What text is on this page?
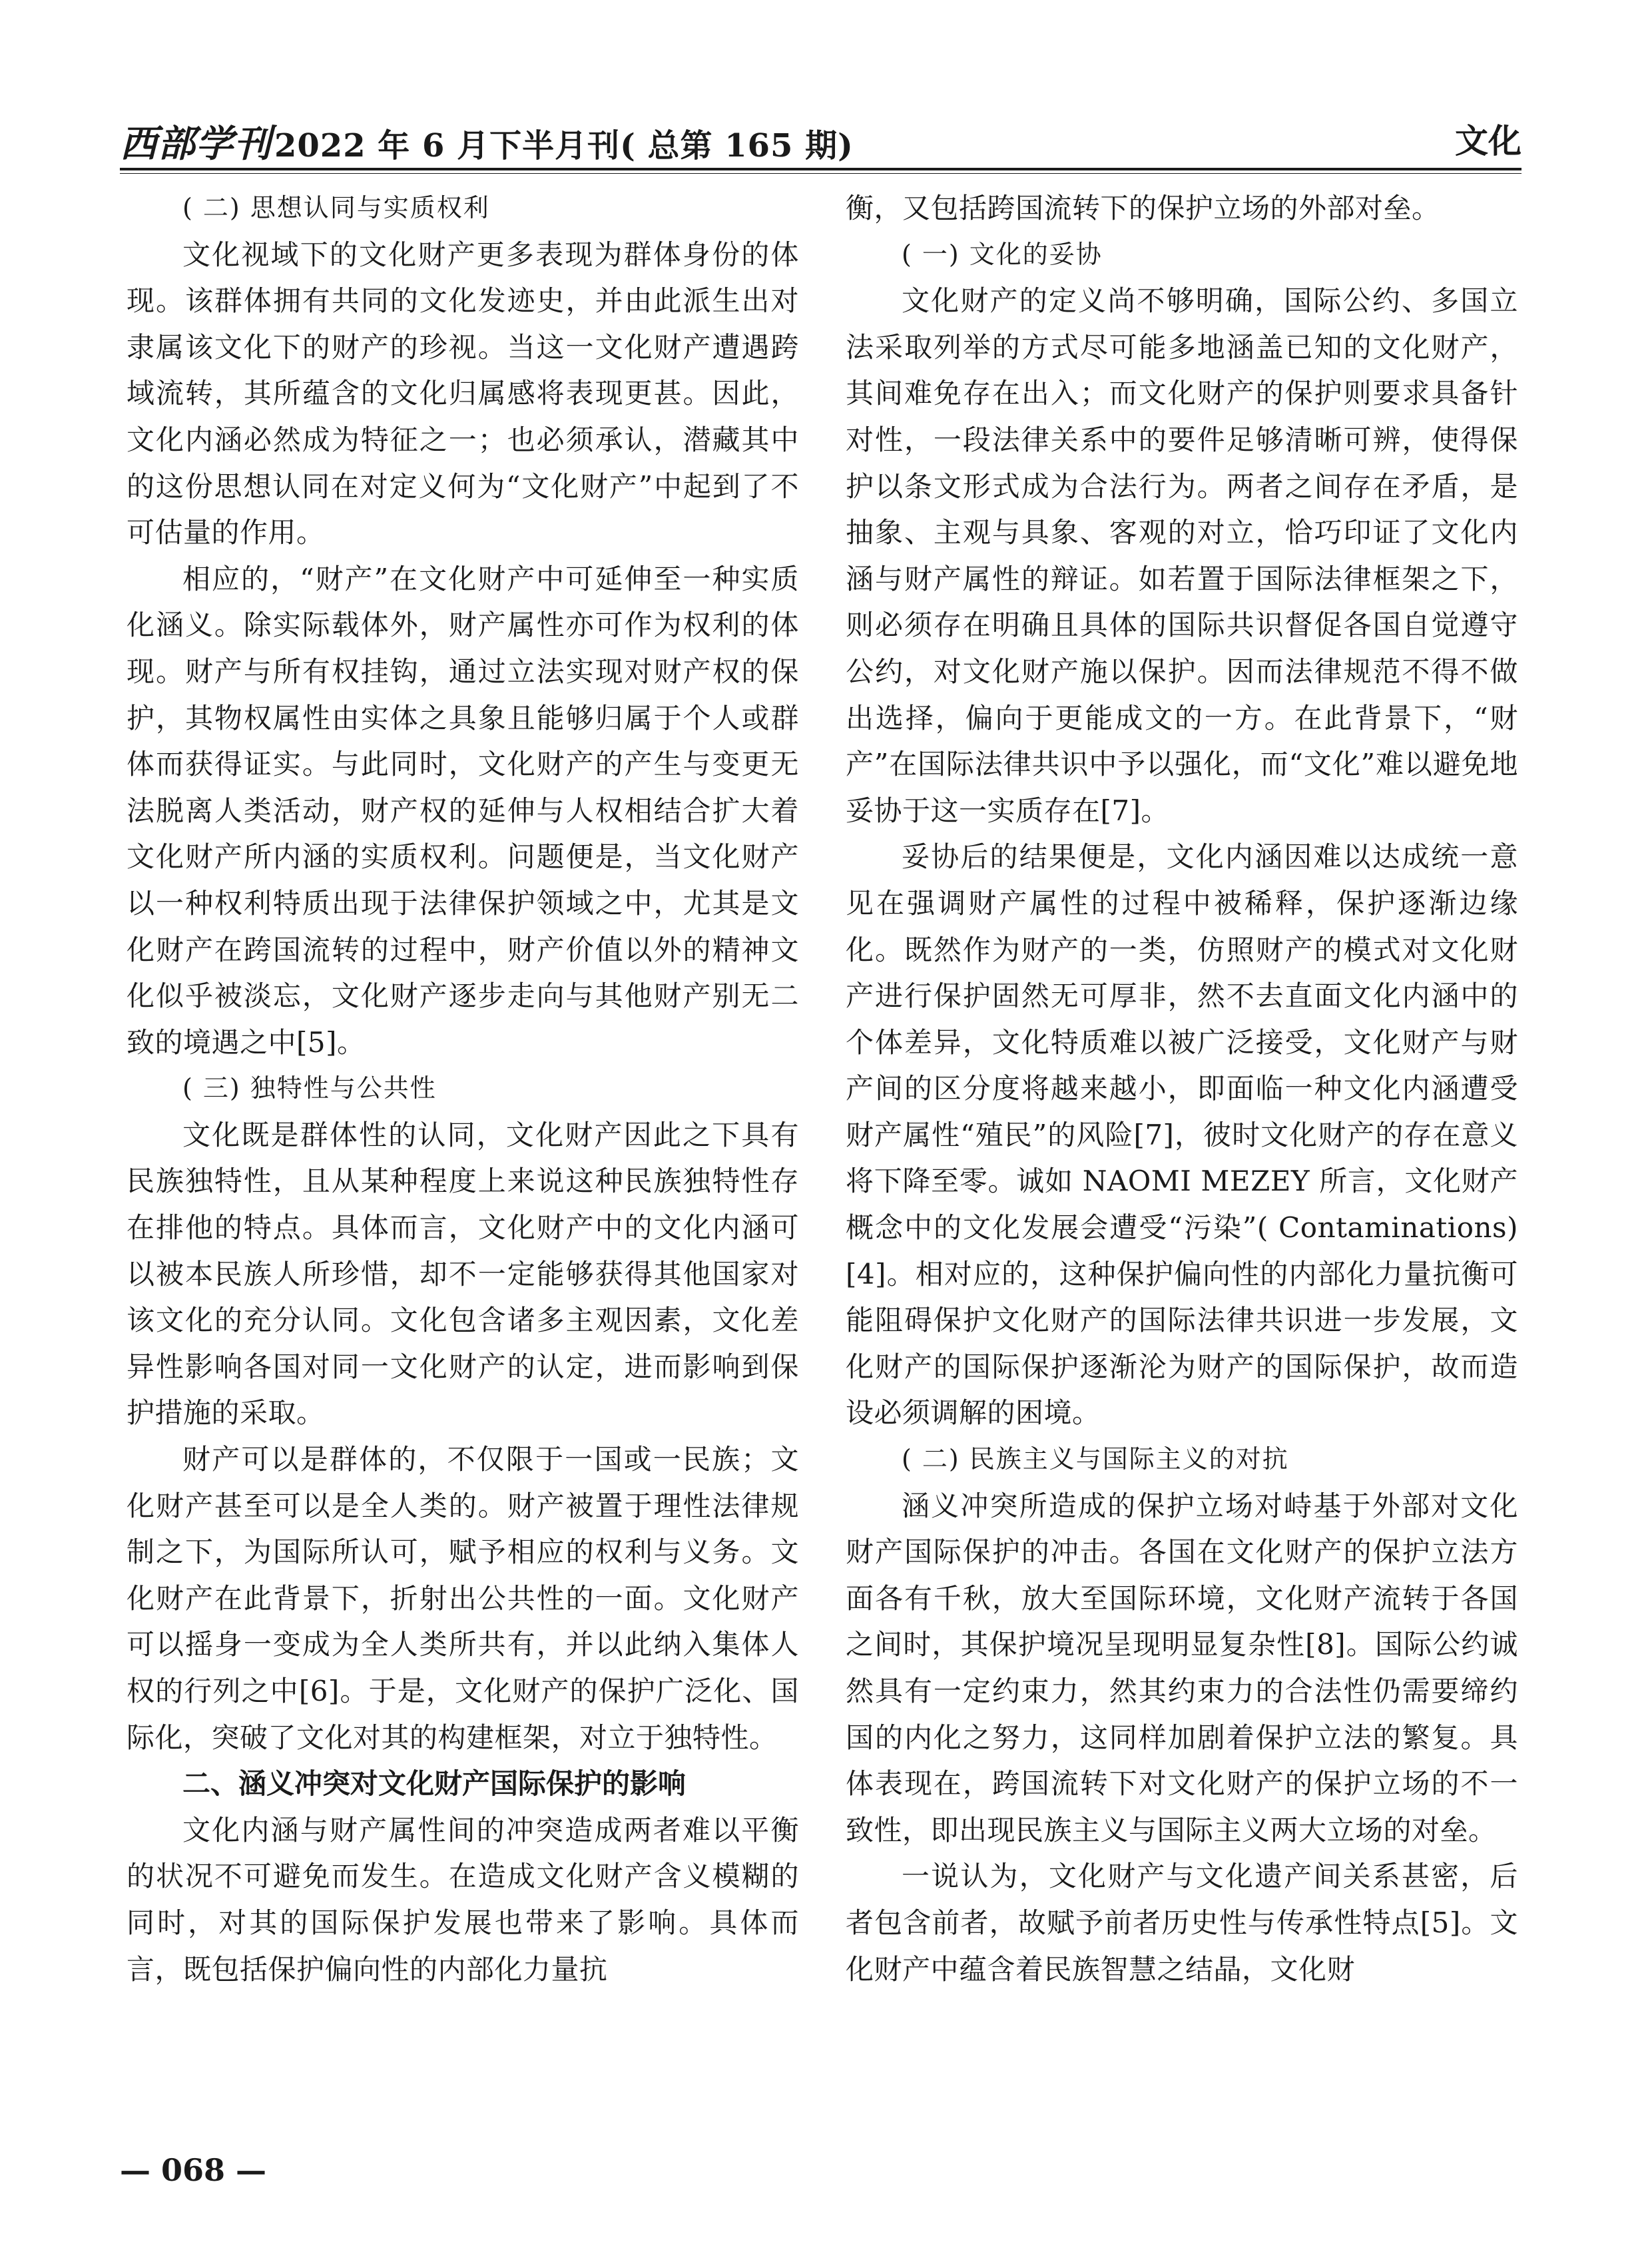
西部学刊2022 年 6 月下半月刊( 总第 165 期)	文化
( 二) 思想认同与实质权利

文化视域下的文化财产更多表现为群体身份的体现。该群体拥有共同的文化发迹史，并由此派生出对隶属该文化下的财产的珍视。当这一文化财产遭遇跨域流转，其所蕴含的文化归属感将表现更甚。因此，文化内涵必然成为特征之一；也必须承认，潜藏其中的这份思想认同在对定义何为“文化财产”中起到了不可估量的作用。

相应的，“财产”在文化财产中可延伸至一种实质化涵义。除实际载体外，财产属性亦可作为权利的体现。财产与所有权挂钩，通过立法实现对财产权的保护，其物权属性由实体之具象且能够归属于个人或群体而获得证实。与此同时，文化财产的产生与变更无法脱离人类活动，财产权的延伸与人权相结合扩大着文化财产所内涵的实质权利。问题便是，当文化财产以一种权利特质出现于法律保护领域之中，尤其是文化财产在跨国流转的过程中，财产价值以外的精神文化似乎被淡忘，文化财产逐步走向与其他财产别无二致的境遇之中[5]。

( 三) 独特性与公共性

文化既是群体性的认同，文化财产因此之下具有民族独特性，且从某种程度上来说这种民族独特性存在排他的特点。具体而言，文化财产中的文化内涵可以被本民族人所珍惜，却不一定能够获得其他国家对该文化的充分认同。文化包含诸多主观因素，文化差异性影响各国对同一文化财产的认定，进而影响到保护措施的采取。

财产可以是群体的，不仅限于一国或一民族；文化财产甚至可以是全人类的。财产被置于理性法律规制之下，为国际所认可，赋予相应的权利与义务。文化财产在此背景下，折射出公共性的一面。文化财产可以摇身一变成为全人类所共有，并以此纳入集体人权的行列之中[6]。于是，文化财产的保护广泛化、国际化，突破了文化对其的构建框架，对立于独特性。

二、涵义冲突对文化财产国际保护的影响

文化内涵与财产属性间的冲突造成两者难以平衡的状况不可避免而发生。在造成文化财产含义模糊的同时，对其的国际保护发展也带来了影响。具体而言，既包括保护偏向性的内部化力量抗

衡，又包括跨国流转下的保护立场的外部对垒。

( 一) 文化的妥协

文化财产的定义尚不够明确，国际公约、多国立法采取列举的方式尽可能多地涵盖已知的文化财产，其间难免存在出入；而文化财产的保护则要求具备针对性，一段法律关系中的要件足够清晰可辨，使得保护以条文形式成为合法行为。两者之间存在矛盾，是抽象、主观与具象、客观的对立，恰巧印证了文化内涵与财产属性的辩证。如若置于国际法律框架之下，则必须存在明确且具体的国际共识督促各国自觉遵守公约，对文化财产施以保护。因而法律规范不得不做出选择，偏向于更能成文的一方。在此背景下，“财产”在国际法律共识中予以强化，而“文化”难以避免地妥协于这一实质存在[7]。

妥协后的结果便是，文化内涵因难以达成统一意见在强调财产属性的过程中被稀释，保护逐渐边缘化。既然作为财产的一类，仿照财产的模式对文化财产进行保护固然无可厚非，然不去直面文化内涵中的个体差异，文化特质难以被广泛接受，文化财产与财产间的区分度将越来越小，即面临一种文化内涵遭受财产属性“殖民”的风险[7]，彼时文化财产的存在意义将下降至零。诚如 NAOMI MEZEY 所言，文化财产概念中的文化发展会遭受“污染”( Contaminations)[4]。相对应的，这种保护偏向性的内部化力量抗衡可能阻碍保护文化财产的国际法律共识进一步发展，文化财产的国际保护逐渐沦为财产的国际保护，故而造设必须调解的困境。

( 二) 民族主义与国际主义的对抗

涵义冲突所造成的保护立场对峙基于外部对文化财产国际保护的冲击。各国在文化财产的保护立法方面各有千秋，放大至国际环境，文化财产流转于各国之间时，其保护境况呈现明显复杂性[8]。国际公约诚然具有一定约束力，然其约束力的合法性仍需要缔约国的内化之努力，这同样加剧着保护立法的繁复。具体表现在，跨国流转下对文化财产的保护立场的不一致性，即出现民族主义与国际主义两大立场的对垒。

一说认为，文化财产与文化遗产间关系甚密，后者包含前者，故赋予前者历史性与传承性特点[5]。文化财产中蕴含着民族智慧之结晶，文化财

— 068 —
